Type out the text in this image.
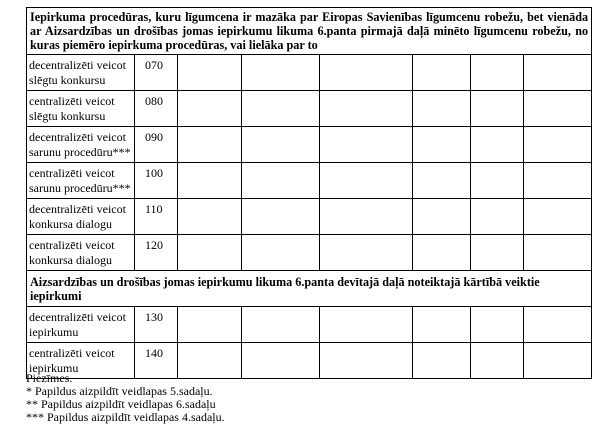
Iepirkuma procedūras, kuru līgumcena ir mazāka par Eiropas Savienības līgumcenu robežu, bet vienāda ar Aizsardzības un drošības jomas iepirkumu likuma 6.panta pirmajā daļā minēto līgumcenu robežu, no kuras piemēro iepirkuma procedūras, vai lielāka par to							
decentralizēti veicot
slēgtu konkursu	070						
centralizēti veicot
slēgtu konkursu	080						
decentralizēti veicot
sarunu procedūru***	090						
centralizēti veicot
sarunu procedūru***	100						
decentralizēti veicot
konkursa dialogu	110						
centralizēti veicot
konkursa dialogu	120						
Aizsardzības un drošības jomas iepirkumu likuma 6.panta devītajā daļā noteiktajā kārtībā veiktie iepirkumi							
decentralizēti veicot
iepirkumu	130						
centralizēti veicot
iepirkumu	140						
Piezīmes.
* Papildus aizpildīt veidlapas 5.sadaļu.
** Papildus aizpildīt veidlapas 6.sadaļu
*** Papildus aizpildīt veidlapas 4.sadaļu.
